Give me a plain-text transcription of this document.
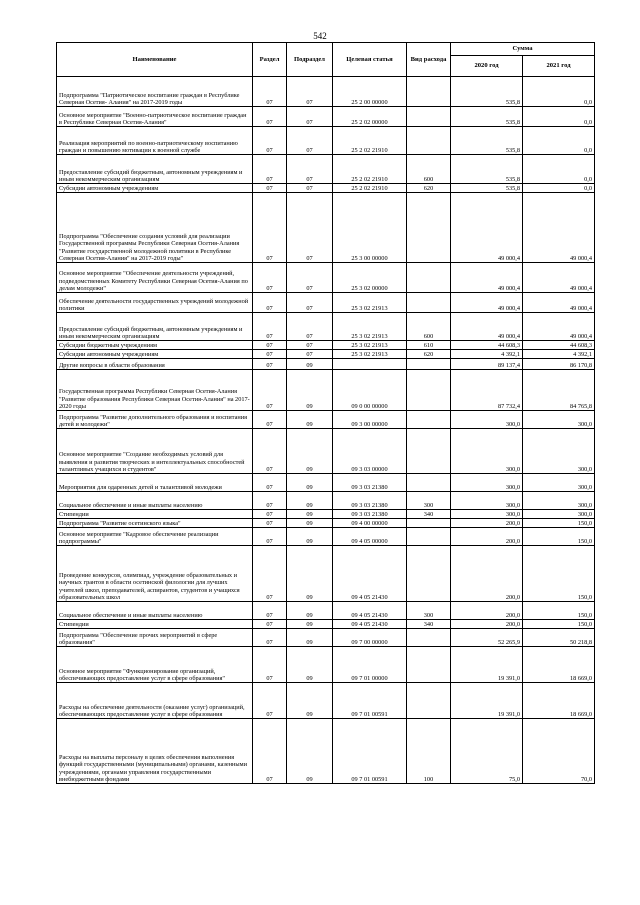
542
Наименование	Раздел	Подраздел	Целевая статья	Вид расхода	Сумма	
					2020 год	2021 год
Подпрограмма "Патриотическое воспитание граждан в Республике Северная Осетия- Алания" на 2017-2019 годы	07	07	25 2 00 00000		535,8	0,0
Основное мероприятие "Военно-патриотическое воспитание граждан в Республике Северная Осетия-Алания"	07	07	25 2 02 00000		535,8	0,0
Реализация мероприятий по военно-патриотическому воспитанию граждан и повышению мотивации к военной службе	07	07	25 2 02 21910		535,8	0,0
Предоставление субсидий бюджетным, автономным учреждениям и иным некоммерческим организациям	07	07	25 2 02 21910	600	535,8	0,0
Субсидии автономным учреждениям	07	07	25 2 02 21910	620	535,8	0,0
Подпрограмма "Обеспечение создания условий для реализации Государственной программы Республики Северная Осетия-Алания "Развитие государственной молодежной политики в Республике Северная Осетия-Алания" на 2017-2019 годы"	07	07	25 3 00 00000		49 000,4	49 000,4
Основное мероприятие "Обеспечение деятельности учреждений, подведомственных Комитету Республики Северная Осетия-Алания по делам молодежи"	07	07	25 3 02 00000		49 000,4	49 000,4
Обеспечение деятельности государственных учреждений молодежной политики	07	07	25 3 02 21913		49 000,4	49 000,4
Предоставление субсидий бюджетным, автономным учреждениям и иным некоммерческим организациям	07	07	25 3 02 21913	600	49 000,4	49 000,4
Субсидии бюджетным учреждениям	07	07	25 3 02 21913	610	44 608,3	44 608,3
Субсидии автономным учреждениям	07	07	25 3 02 21913	620	4 392,1	4 392,1
Другие вопросы в области образования	07	09			89 137,4	86 170,8
Государственная программа Республики Северная Осетия-Алания "Развитие образования Республики Северная Осетия-Алания" на 2017-2020 годы	07	09	09 0 00 00000		87 732,4	84 765,8
Подпрограмма "Развитие дополнительного образования и воспитания детей и молодежи"	07	09	09 3 00 00000		300,0	300,0
Основное мероприятие "Создание необходимых условий для выявления и развития творческих и интеллектуальных способностей талантливых учащихся и студентов"	07	09	09 3 03 00000		300,0	300,0
Мероприятия для одаренных детей и талантливой молодежи	07	09	09 3 03 21380		300,0	300,0
Социальное обеспечение и иные выплаты населению	07	09	09 3 03 21380	300	300,0	300,0
Стипендии	07	09	09 3 03 21380	340	300,0	300,0
Подпрограмма "Развитие осетинского языка"	07	09	09 4 00 00000		200,0	150,0
Основное мероприятие "Кадровое обеспечение реализации подпрограммы"	07	09	09 4 05 00000		200,0	150,0
Проведение конкурсов, олимпиад, учреждение образовательных и научных грантов в области осетинской филологии для лучших учителей школ, преподавателей, аспирантов, студентов и учащихся образовательных школ	07	09	09 4 05 21430		200,0	150,0
Социальное обеспечение и иные выплаты населению	07	09	09 4 05 21430	300	200,0	150,0
Стипендии	07	09	09 4 05 21430	340	200,0	150,0
Подпрограмма "Обеспечение прочих мероприятий в сфере образования"	07	09	09 7 00 00000		52 265,9	50 218,8
Основное мероприятие "Функционирование организаций, обеспечивающих предоставление услуг в сфере образования"	07	09	09 7 01 00000		19 391,0	18 669,0
Расходы на обеспечение деятельности (оказание услуг) организаций, обеспечивающих предоставление услуг в сфере образования	07	09	09 7 01 00591		19 391,0	18 669,0
Расходы на выплаты персоналу в целях обеспечения выполнения функций государственными (муниципальными) органами, казенными учреждениями, органами управления государственными внебюджетными фондами	07	09	09 7 01 00591	100	75,0	70,0
